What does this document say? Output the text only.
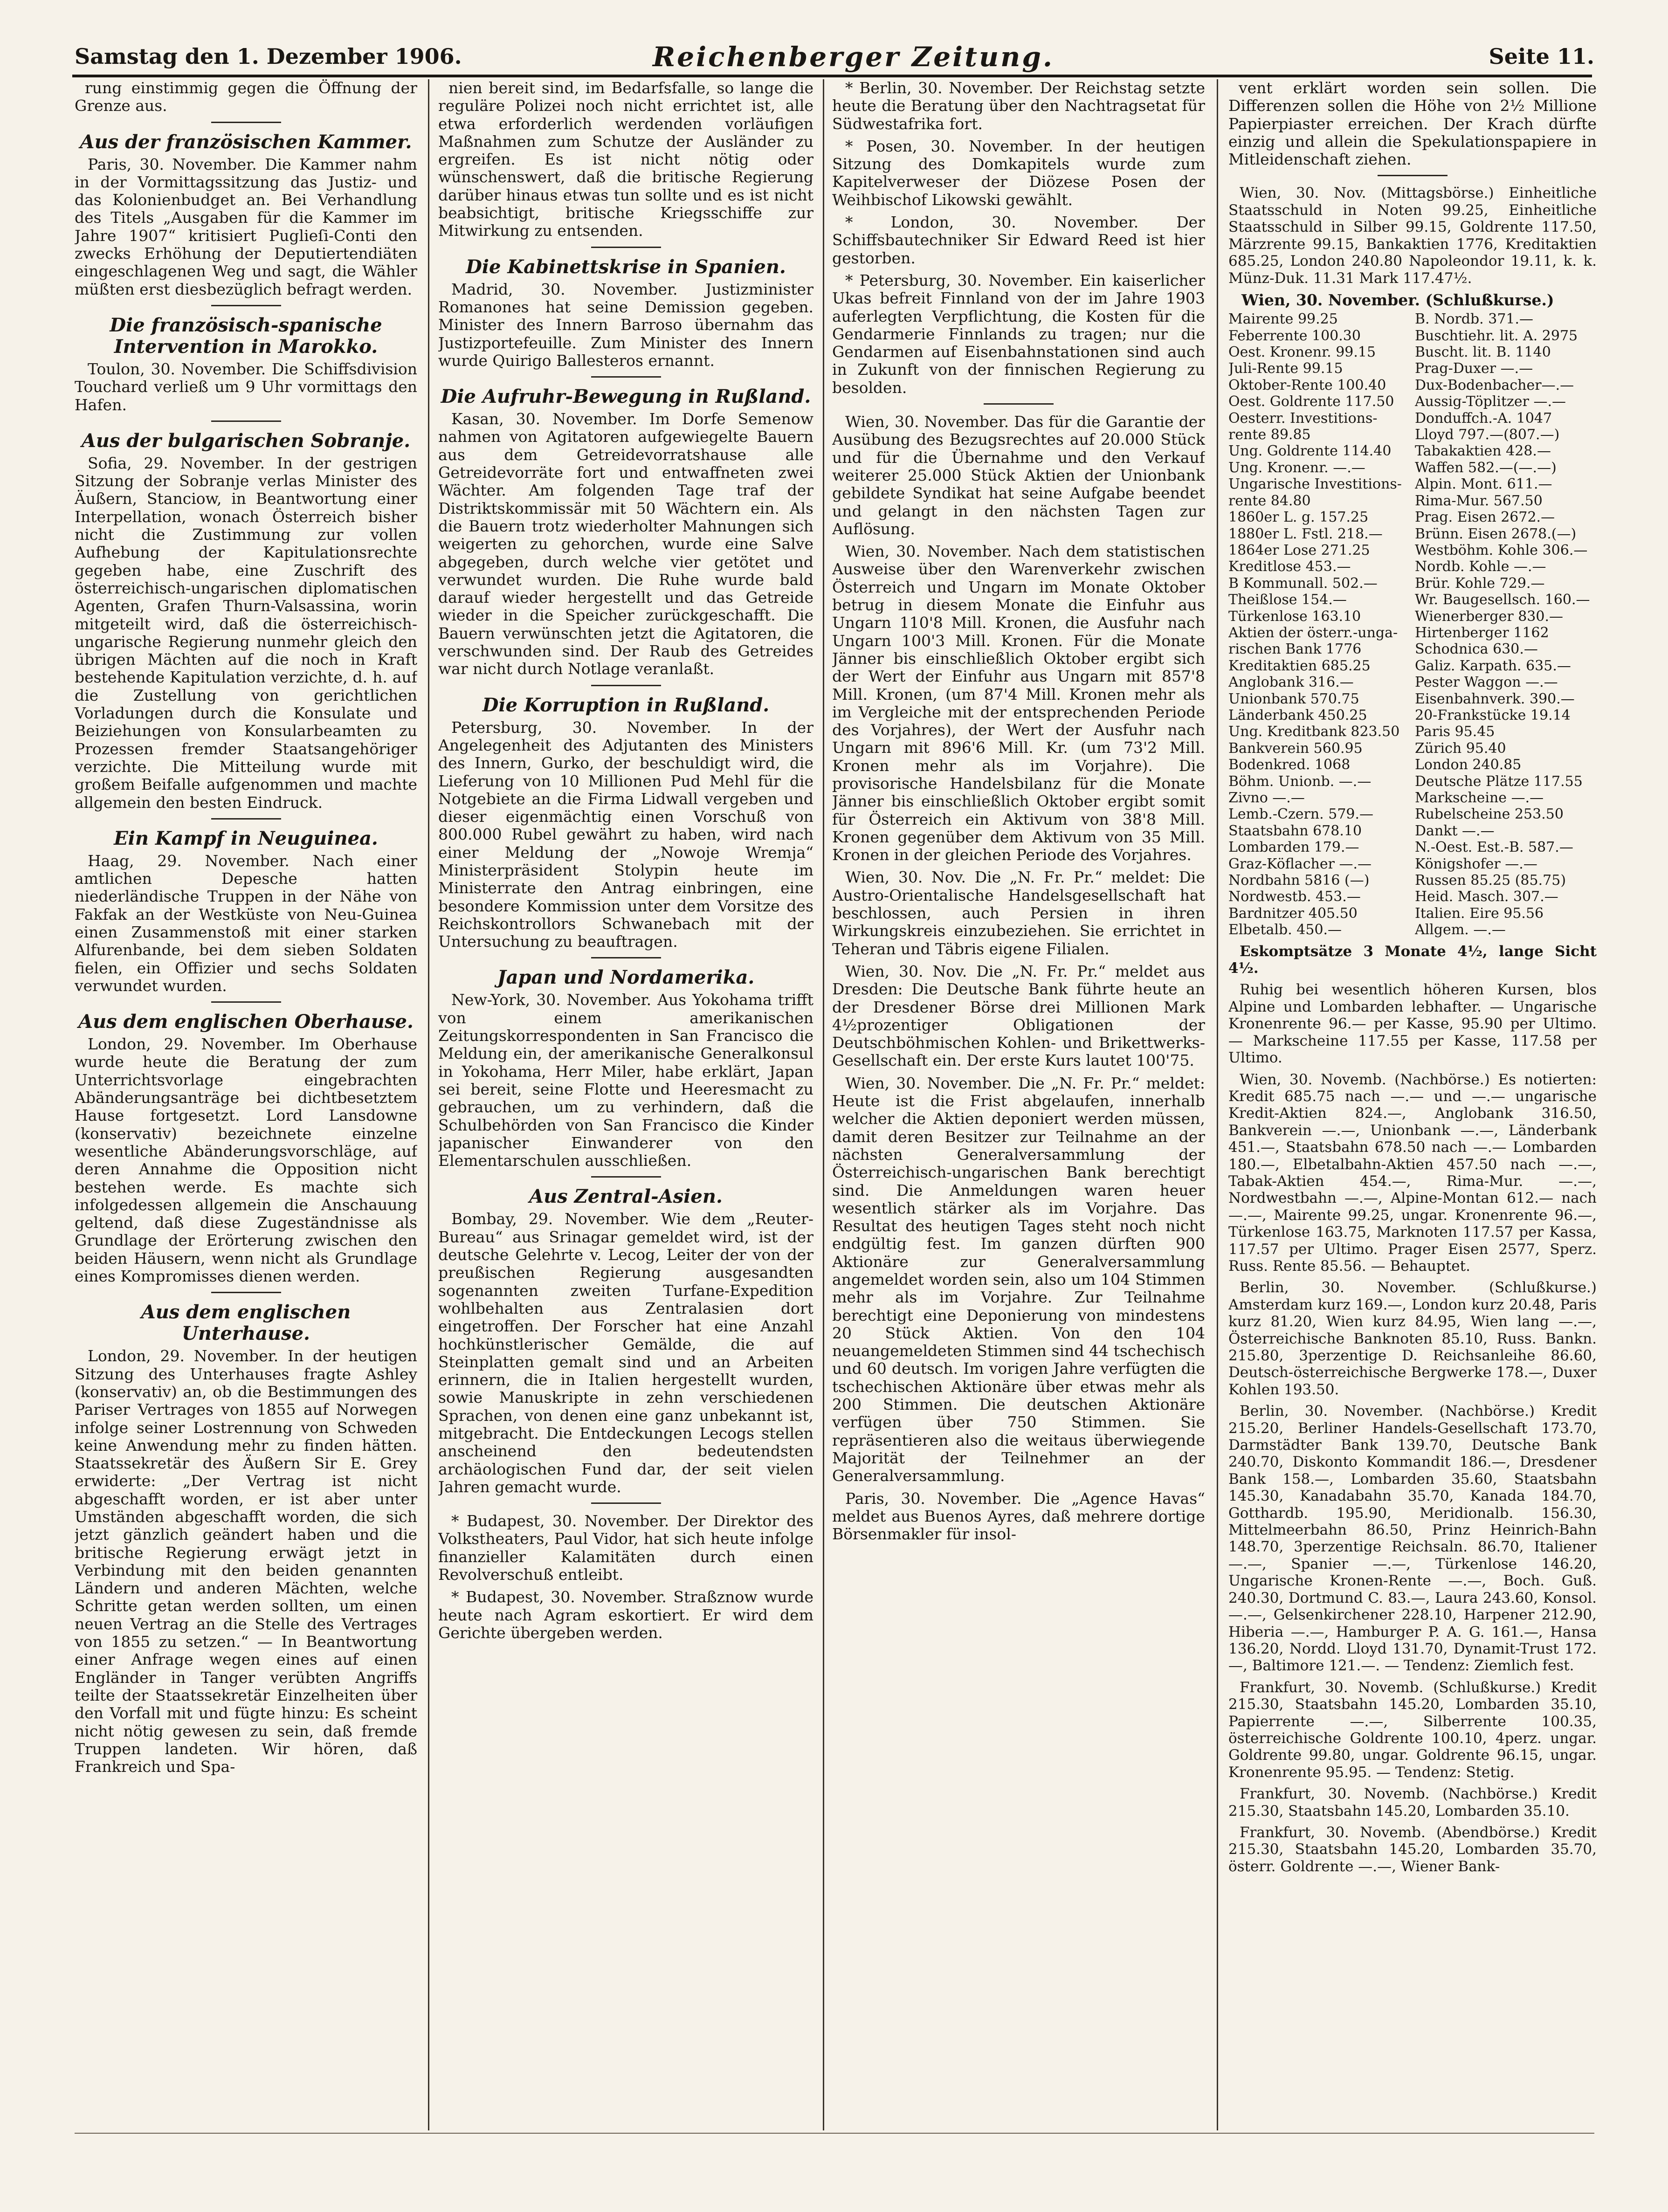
Samstag den 1. Dezember 1906.	Reichenberger Zeitung.	Seite 11.

rung einstimmig gegen die Öffnung der Grenze aus.

Aus der französischen Kammer.

Paris, 30. November. Die Kammer nahm in der Vormittagssitzung das Justiz- und das Kolonienbudget an. Bei Verhandlung des Titels „Ausgaben für die Kammer im Jahre 1907“ kritisiert Puglieſi-Conti den zwecks Erhöhung der Deputiertendiäten eingeschlagenen Weg und sagt, die Wähler müßten erst diesbezüglich befragt werden.

Die französisch-spanische Intervention in Marokko.

Toulon, 30. November. Die Schiffsdivision Touchard verließ um 9 Uhr vormittags den Hafen.

Aus der bulgarischen Sobranje.

Sofia, 29. November. In der gestrigen Sitzung der Sobranje verlas Minister des Äußern, Stanciow, in Beantwortung einer Interpellation, wonach Österreich bisher nicht die Zustimmung zur vollen Aufhebung der Kapitulationsrechte gegeben habe, eine Zuschrift des österreichisch-ungarischen diplomatischen Agenten, Grafen Thurn-Valsassina, worin mitgeteilt wird, daß die österreichisch-ungarische Regierung nunmehr gleich den übrigen Mächten auf die noch in Kraft bestehende Kapitulation verzichte, d. h. auf die Zustellung von gerichtlichen Vorladungen durch die Konsulate und Beiziehungen von Konsularbeamten zu Prozessen fremder Staatsangehöriger verzichte. Die Mitteilung wurde mit großem Beifalle aufgenommen und machte allgemein den besten Eindruck.

Ein Kampf in Neuguinea.

Haag, 29. November. Nach einer amtlichen Depesche hatten niederländische Truppen in der Nähe von Fakfak an der Westküste von Neu-Guinea einen Zusammenstoß mit einer starken Alfurenbande, bei dem sieben Soldaten fielen, ein Offizier und sechs Soldaten verwundet wurden.

Aus dem englischen Oberhause.

London, 29. November. Im Oberhause wurde heute die Beratung der zum Unterrichtsvorlage eingebrachten Abänderungsanträge bei dichtbesetztem Hause fortgesetzt. Lord Lansdowne (konservativ) bezeichnete einzelne wesentliche Abänderungsvorschläge, auf deren Annahme die Opposition nicht bestehen werde. Es machte sich infolgedessen allgemein die Anschauung geltend, daß diese Zugeständnisse als Grundlage der Erörterung zwischen den beiden Häusern, wenn nicht als Grundlage eines Kompromisses dienen werden.

Aus dem englischen Unterhause.

London, 29. November. In der heutigen Sitzung des Unterhauses fragte Ashley (konservativ) an, ob die Bestimmungen des Pariser Vertrages von 1855 auf Norwegen infolge seiner Lostrennung von Schweden keine Anwendung mehr zu finden hätten. Staatssekretär des Äußern Sir E. Grey erwiderte: „Der Vertrag ist nicht abgeschafft worden, er ist aber unter Umständen abgeschafft worden, die sich jetzt gänzlich geändert haben und die britische Regierung erwägt jetzt in Verbindung mit den beiden genannten Ländern und anderen Mächten, welche Schritte getan werden sollten, um einen neuen Vertrag an die Stelle des Vertrages von 1855 zu setzen.“ — In Beantwortung einer Anfrage wegen eines auf einen Engländer in Tanger verübten Angriffs teilte der Staatssekretär Einzelheiten über den Vorfall mit und fügte hinzu: Es scheint nicht nötig gewesen zu sein, daß fremde Truppen landeten. Wir hören, daß Frankreich und Spa-

nien bereit sind, im Bedarfsfalle, so lange die reguläre Polizei noch nicht errichtet ist, alle etwa erforderlich werdenden vorläufigen Maßnahmen zum Schutze der Ausländer zu ergreifen. Es ist nicht nötig oder wünschenswert, daß die britische Regierung darüber hinaus etwas tun sollte und es ist nicht beabsichtigt, britische Kriegsschiffe zur Mitwirkung zu entsenden.

Die Kabinettskrise in Spanien.

Madrid, 30. November. Justizminister Romanones hat seine Demission gegeben. Minister des Innern Barroso übernahm das Justizportefeuille. Zum Minister des Innern wurde Quirigo Ballesteros ernannt.

Die Aufruhr-Bewegung in Rußland.

Kasan, 30. November. Im Dorfe Semenow nahmen von Agitatoren aufgewiegelte Bauern aus dem Getreidevorratshause alle Getreidevorräte fort und entwaffneten zwei Wächter. Am folgenden Tage traf der Distriktskommissär mit 50 Wächtern ein. Als die Bauern trotz wiederholter Mahnungen sich weigerten zu gehorchen, wurde eine Salve abgegeben, durch welche vier getötet und verwundet wurden. Die Ruhe wurde bald darauf wieder hergestellt und das Getreide wieder in die Speicher zurückgeschafft. Die Bauern verwünschten jetzt die Agitatoren, die verschwunden sind. Der Raub des Getreides war nicht durch Notlage veranlaßt.

Die Korruption in Rußland.

Petersburg, 30. November. In der Angelegenheit des Adjutanten des Ministers des Innern, Gurko, der beschuldigt wird, die Lieferung von 10 Millionen Pud Mehl für die Notgebiete an die Firma Lidwall vergeben und dieser eigenmächtig einen Vorschuß von 800.000 Rubel gewährt zu haben, wird nach einer Meldung der „Nowoje Wremja“ Ministerpräsident Stolypin heute im Ministerrate den Antrag einbringen, eine besondere Kommission unter dem Vorsitze des Reichskontrollors Schwanebach mit der Untersuchung zu beauftragen.

Japan und Nordamerika.

New-York, 30. November. Aus Yokohama trifft von einem amerikanischen Zeitungskorrespondenten in San Francisco die Meldung ein, der amerikanische Generalkonsul in Yokohama, Herr Miler, habe erklärt, Japan sei bereit, seine Flotte und Heeresmacht zu gebrauchen, um zu verhindern, daß die Schulbehörden von San Francisco die Kinder japanischer Einwanderer von den Elementarschulen ausschließen.

Aus Zentral-Asien.

Bombay, 29. November. Wie dem „Reuter-Bureau“ aus Srinagar gemeldet wird, ist der deutsche Gelehrte v. Lecog, Leiter der von der preußischen Regierung ausgesandten sogenannten zweiten Turfane-Expedition wohlbehalten aus Zentralasien dort eingetroffen. Der Forscher hat eine Anzahl hochkünstlerischer Gemälde, die auf Steinplatten gemalt sind und an Arbeiten erinnern, die in Italien hergestellt wurden, sowie Manuskripte in zehn verschiedenen Sprachen, von denen eine ganz unbekannt ist, mitgebracht. Die Entdeckungen Lecogs stellen anscheinend den bedeutendsten archäologischen Fund dar, der seit vielen Jahren gemacht wurde.

* Budapest, 30. November. Der Direktor des Volkstheaters, Paul Vidor, hat sich heute infolge finanzieller Kalamitäten durch einen Revolverschuß entleibt.

* Budapest, 30. November. Straßznow wurde heute nach Agram eskortiert. Er wird dem Gerichte übergeben werden.

* Berlin, 30. November. Der Reichstag setzte heute die Beratung über den Nachtragsetat für Südwestafrika fort.

* Posen, 30. November. In der heutigen Sitzung des Domkapitels wurde zum Kapitelverweser der Diözese Posen der Weihbischof Likowski gewählt.

* London, 30. November. Der Schiffsbautechniker Sir Edward Reed ist hier gestorben.

* Petersburg, 30. November. Ein kaiserlicher Ukas befreit Finnland von der im Jahre 1903 auferlegten Verpflichtung, die Kosten für die Gendarmerie Finnlands zu tragen; nur die Gendarmen auf Eisenbahnstationen sind auch in Zukunft von der finnischen Regierung zu besolden.

Wien, 30. November. Das für die Garantie der Ausübung des Bezugsrechtes auf 20.000 Stück und für die Übernahme und den Verkauf weiterer 25.000 Stück Aktien der Unionbank gebildete Syndikat hat seine Aufgabe beendet und gelangt in den nächsten Tagen zur Auflösung.

Wien, 30. November. Nach dem statistischen Ausweise über den Warenverkehr zwischen Österreich und Ungarn im Monate Oktober betrug in diesem Monate die Einfuhr aus Ungarn 110'8 Mill. Kronen, die Ausfuhr nach Ungarn 100'3 Mill. Kronen. Für die Monate Jänner bis einschließlich Oktober ergibt sich der Wert der Einfuhr aus Ungarn mit 857'8 Mill. Kronen, (um 87'4 Mill. Kronen mehr als im Vergleiche mit der entsprechenden Periode des Vorjahres), der Wert der Ausfuhr nach Ungarn mit 896'6 Mill. Kr. (um 73'2 Mill. Kronen mehr als im Vorjahre). Die provisorische Handelsbilanz für die Monate Jänner bis einschließlich Oktober ergibt somit für Österreich ein Aktivum von 38'8 Mill. Kronen gegenüber dem Aktivum von 35 Mill. Kronen in der gleichen Periode des Vorjahres.

Wien, 30. Nov. Die „N. Fr. Pr.“ meldet: Die Austro-Orientalische Handelsgesellschaft hat beschlossen, auch Persien in ihren Wirkungskreis einzubeziehen. Sie errichtet in Teheran und Täbris eigene Filialen.

Wien, 30. Nov. Die „N. Fr. Pr.“ meldet aus Dresden: Die Deutsche Bank führte heute an der Dresdener Börse drei Millionen Mark 4½prozentiger Obligationen der Deutschböhmischen Kohlen- und Brikettwerks-Gesellschaft ein. Der erste Kurs lautet 100'75.

Wien, 30. November. Die „N. Fr. Pr.“ meldet: Heute ist die Frist abgelaufen, innerhalb welcher die Aktien deponiert werden müssen, damit deren Besitzer zur Teilnahme an der nächsten Generalversammlung der Österreichisch-ungarischen Bank berechtigt sind. Die Anmeldungen waren heuer wesentlich stärker als im Vorjahre. Das Resultat des heutigen Tages steht noch nicht endgültig fest. Im ganzen dürften 900 Aktionäre zur Generalversammlung angemeldet worden sein, also um 104 Stimmen mehr als im Vorjahre. Zur Teilnahme berechtigt eine Deponierung von mindestens 20 Stück Aktien. Von den 104 neuangemeldeten Stimmen sind 44 tschechisch und 60 deutsch. Im vorigen Jahre verfügten die tschechischen Aktionäre über etwas mehr als 200 Stimmen. Die deutschen Aktionäre verfügen über 750 Stimmen. Sie repräsentieren also die weitaus überwiegende Majorität der Teilnehmer an der Generalversammlung.

Paris, 30. November. Die „Agence Havas“ meldet aus Buenos Ayres, daß mehrere dortige Börsenmakler für insol-

vent erklärt worden sein sollen. Die Differenzen sollen die Höhe von 2½ Millione Papierpiaster erreichen. Der Krach dürfte einzig und allein die Spekulationspapiere in Mitleidenschaft ziehen.

Wien, 30. Nov. (Mittagsbörse.) Einheitliche Staatsschuld in Noten 99.25, Einheitliche Staatsschuld in Silber 99.15, Goldrente 117.50, Märzrente 99.15, Bankaktien 1776, Kreditaktien 685.25, London 240.80 Napoleondor 19.11, k. k. Münz-Duk. 11.31 Mark 117.47½.

Wien, 30. November. (Schlußkurse.)
Mairente 99.25	B. Nordb. 371.—
Feberrente 100.30	Buschtiehr. lit. A. 2975
Oest. Kronenr. 99.15	Buscht. lit. B. 1140
Juli-Rente 99.15	Prag-Duxer —.—
Oktober-Rente 100.40	Dux-Bodenbacher—.—
Oest. Goldrente 117.50	Aussig-Töplitzer —.—
Oesterr. Investitions-	Donduffch.-A. 1047
rente 89.85	Lloyd 797.—(807.—)
Ung. Goldrente 114.40	Tabakaktien 428.—
Ung. Kronenr. —.—	Waffen 582.—(—.—)
Ungarische Investitions- Alpin. Mont. 611.—
rente 84.80	Rima-Mur. 567.50
1860er L. g. 157.25	Prag. Eisen 2672.—
1880er L. Fstl. 218.—	Brünn. Eisen 2678.(—)
1864er Lose 271.25	Westböhm. Kohle 306.—
Kreditlose 453.—	Nordb. Kohle —.—
B Kommunall. 502.—	Brür. Kohle 729.—
Theißlose 154.—	Wr. Baugesellsch. 160.—
Türkenlose 163.10	Wienerberger 830.—
Aktien der österr.-unga-	Hirtenberger 1162
rischen Bank 1776	Schodnica 630.—
Kreditaktien 685.25	Galiz. Karpath. 635.—
Anglobank 316.—	Pester Waggon —.—
Unionbank 570.75	Eisenbahnverk. 390.—
Länderbank 450.25	20-Frankstücke 19.14
Ung. Kreditbank 823.50	Paris 95.45
Bankverein 560.95	Zürich 95.40
Bodenkred. 1068	London 240.85
Böhm. Unionb. —.—	Deutsche Plätze 117.55
Zivno —.—	Markscheine —.—
Lemb.-Czern. 579.—	Rubelscheine 253.50
Staatsbahn 678.10	Dankt —.—
Lombarden 179.—	N.-Oest. Est.-B. 587.—
Graz-Köflacher —.—	Königshofer —.—
Nordbahn 5816 (—)	Russen 85.25 (85.75)
Nordwestb. 453.—	Heid. Masch. 307.—
Bardnitzer 405.50	Italien. Eire 95.56
Elbetalb. 450.—	Allgem. —.—

Eskomptsätze 3 Monate 4½, lange Sicht 4½.

Ruhig bei wesentlich höheren Kursen, blos Alpine und Lombarden lebhafter. — Ungarische Kronenrente 96.— per Kasse, 95.90 per Ultimo. — Markscheine 117.55 per Kasse, 117.58 per Ultimo.

Wien, 30. Novemb. (Nachbörse.) Es notierten: Kredit 685.75 nach —.— und —.— ungarische Kredit-Aktien 824.—, Anglobank 316.50, Bankverein —.—, Unionbank —.—, Länderbank 451.—, Staatsbahn 678.50 nach —.— Lombarden 180.—, Elbetalbahn-Aktien 457.50 nach —.—, Tabak-Aktien 454.—, Rima-Mur. —.—, Nordwestbahn —.—, Alpine-Montan 612.— nach —.—, Mairente 99.25, ungar. Kronenrente 96.—, Türkenlose 163.75, Marknoten 117.57 per Kassa, 117.57 per Ultimo. Prager Eisen 2577, Sperz. Russ. Rente 85.56. — Behauptet.

Berlin, 30. November. (Schlußkurse.) Amsterdam kurz 169.—, London kurz 20.48, Paris kurz 81.20, Wien kurz 84.95, Wien lang —.—, Österreichische Banknoten 85.10, Russ. Bankn. 215.80, 3perzentige D. Reichsanleihe 86.60, Deutsch-österreichische Bergwerke 178.—, Duxer Kohlen 193.50.

Berlin, 30. November. (Nachbörse.) Kredit 215.20, Berliner Handels-Gesellschaft 173.70, Darmstädter Bank 139.70, Deutsche Bank 240.70, Diskonto Kommandit 186.—, Dresdener Bank 158.—, Lombarden 35.60, Staatsbahn 145.30, Kanadabahn 35.70, Kanada 184.70, Gotthardb. 195.90, Meridionalb. 156.30, Mittelmeerbahn 86.50, Prinz Heinrich-Bahn 148.70, 3perzentige Reichsaln. 86.70, Italiener —.—, Spanier —.—, Türkenlose 146.20, Ungarische Kronen-Rente —.—, Boch. Guß. 240.30, Dortmund C. 83.—, Laura 243.60, Konsol. —.—, Gelsenkirchener 228.10, Harpener 212.90, Hiberia —.—, Hamburger P. A. G. 161.—, Hansa 136.20, Nordd. Lloyd 131.70, Dynamit-Trust 172.—, Baltimore 121.—. — Tendenz: Ziemlich fest.

Frankfurt, 30. Novemb. (Schlußkurse.) Kredit 215.30, Staatsbahn 145.20, Lombarden 35.10, Papierrente —.—, Silberrente 100.35, österreichische Goldrente 100.10, 4perz. ungar. Goldrente 99.80, ungar. Goldrente 96.15, ungar. Kronenrente 95.95. — Tendenz: Stetig.

Frankfurt, 30. Novemb. (Nachbörse.) Kredit 215.30, Staatsbahn 145.20, Lombarden 35.10.

Frankfurt, 30. Novemb. (Abendbörse.) Kredit 215.30, Staatsbahn 145.20, Lombarden 35.70, österr. Goldrente —.—, Wiener Bank-
